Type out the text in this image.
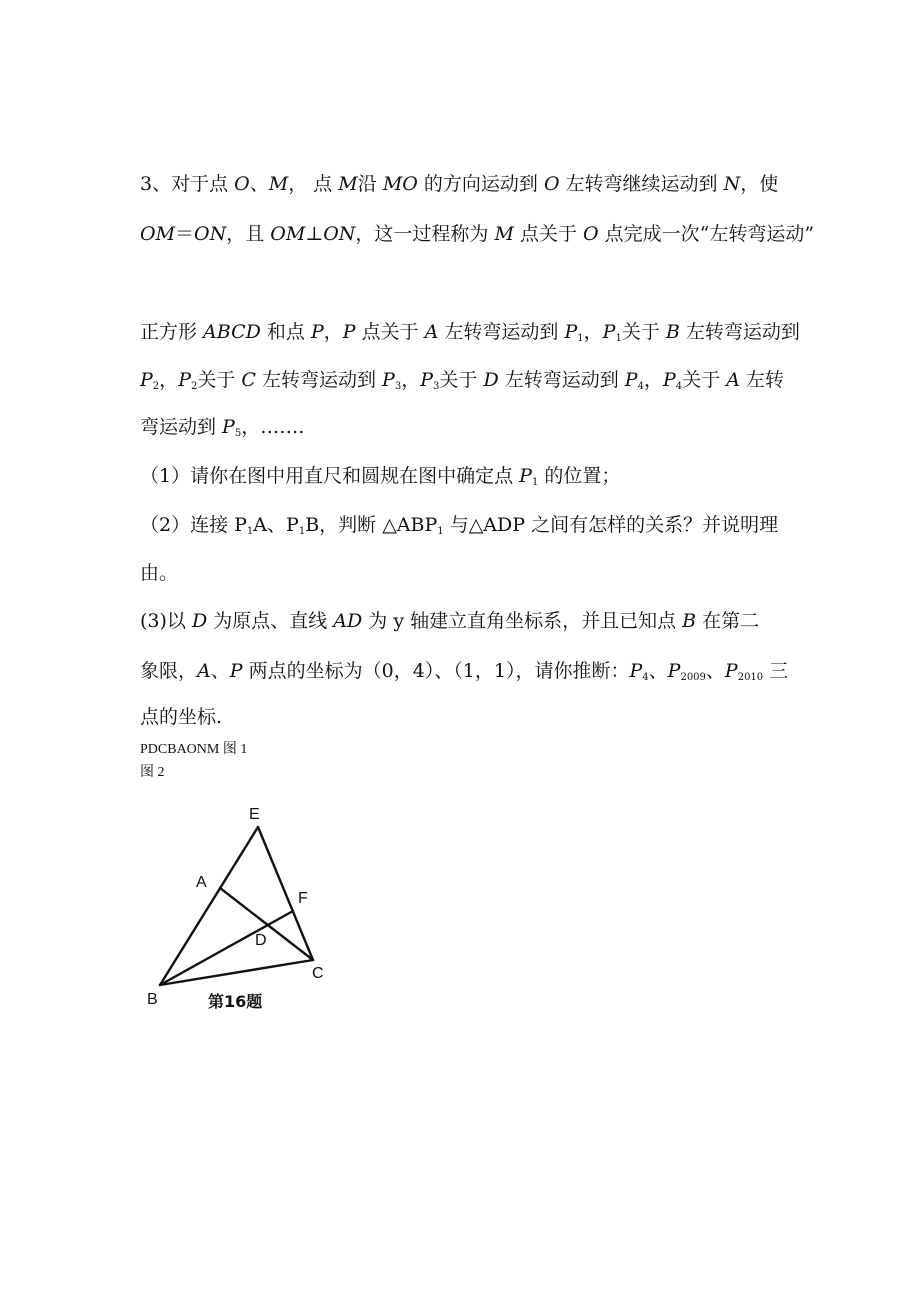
3、对于点 O、M， 点 M沿 MO 的方向运动到 O 左转弯继续运动到 N，使
OM＝ON，且 OM⊥ON，这一过程称为 M 点关于 O 点完成一次“左转弯运动”
正方形 ABCD 和点 P，P 点关于 A 左转弯运动到 $P_1$，$P_1$关于 B 左转弯运动到
$P_2$，$P_2$关于 C 左转弯运动到 $P_3$，$P_3$关于 D 左转弯运动到 $P_4$，$P_4$关于 A 左转
弯运动到 $P_5$，…….
（1）请你在图中用直尺和圆规在图中确定点 $P_1$ 的位置；
（2）连接 $P_1A$、$P_1B$，判断 $\triangle ABP_1$ 与△ADP 之间有怎样的关系？并说明理
由。
(3)以 D 为原点、直线 AD 为 y 轴建立直角坐标系，并且已知点 B 在第二
象限，A、P 两点的坐标为（0，4）、（1，1），请你推断：$P_4$、$P_{2009}$、$P_{2010}$ 三
点的坐标.
PDCBAONM 图 1
图 2
E
A
F
D
C
B	第16题
